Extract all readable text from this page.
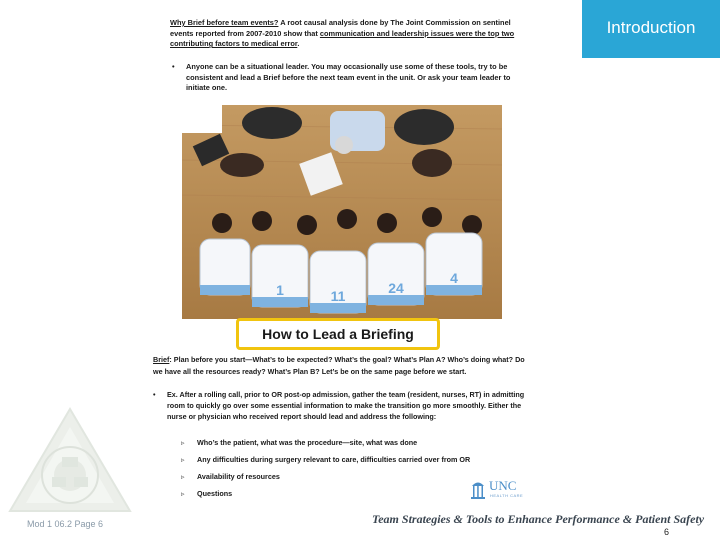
Introduction
Why Brief before team events? A root causal analysis done by The Joint Commission on sentinel events reported from 2007-2010 show that communication and leadership issues were the top two contributing factors to medical error.
• Anyone can be a situational leader. You may occasionally use some of these tools, try to be consistent and lead a Brief before the next team event in the unit. Or ask your team leader to initiate one.
1	11	24
4
How to Lead a Briefing
Brief: Plan before you start—What’s to be expected? What’s the goal? What’s Plan A? Who’s doing what? Do we have all the resources ready? What’s Plan B? Let’s be on the same page before we start.
• Ex. After a rolling call, prior to OR post-op admission, gather the team (resident, nurses, RT) in admitting room to quickly go over some essential information to make the transition go more smoothly. Either the nurse or physician who received report should lead and address the following:
▹ Who’s the patient, what was the procedure—site, what was done
▹ Any difficulties during surgery relevant to care, difficulties carried over from OR
▹ Availability of resources
▹ Questions
UNC
HEALTH CARE
Mod 1 06.2 Page 6	Team Strategies & Tools to Enhance Performance & Patient Safety
6
